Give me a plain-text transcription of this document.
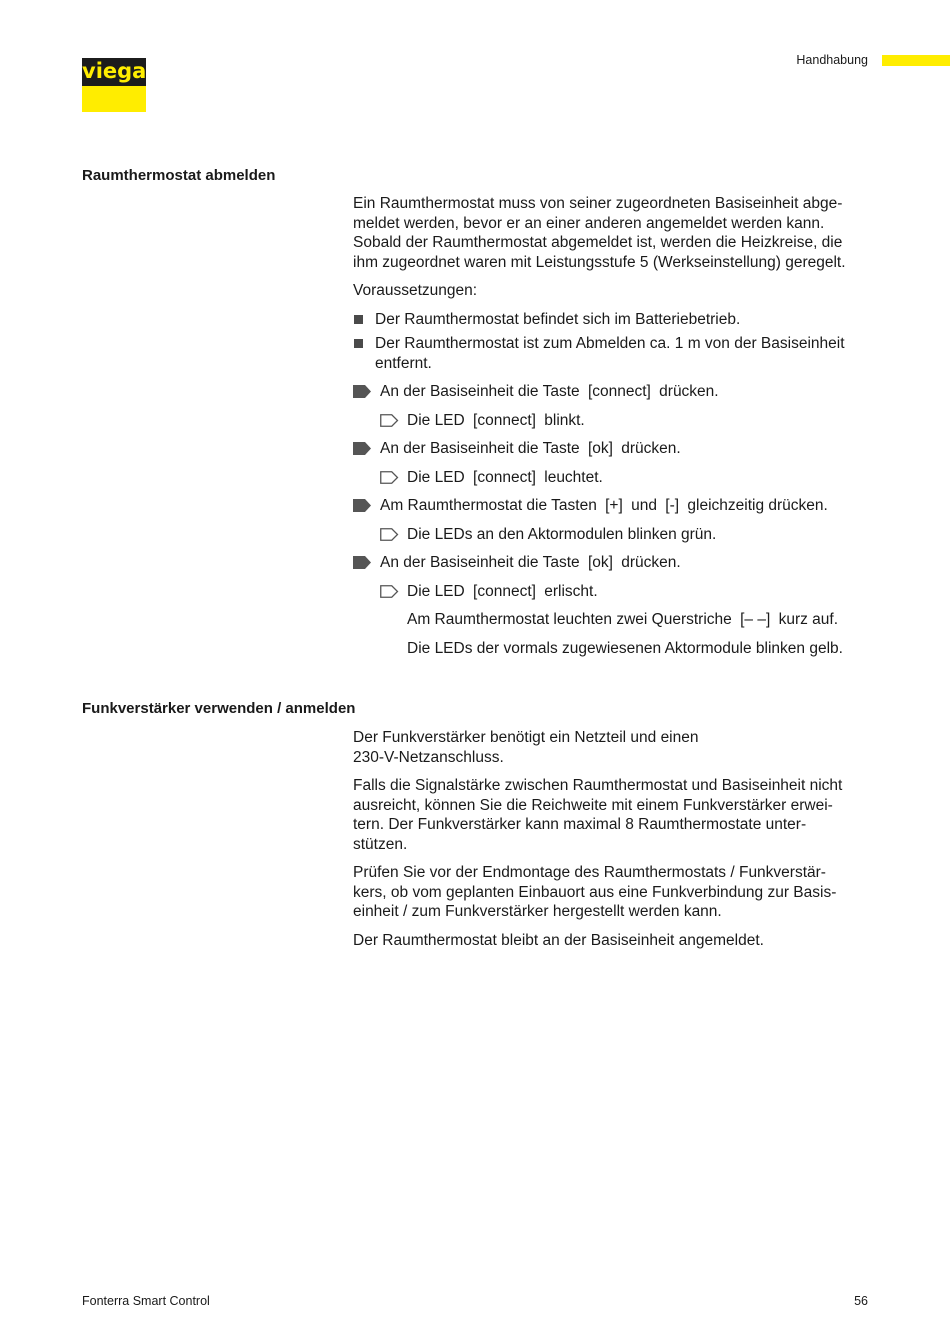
viega	Handhabung
Raumthermostat abmelden

Ein Raumthermostat muss von seiner zugeordneten Basiseinheit abge-
meldet werden, bevor er an einer anderen angemeldet werden kann.
Sobald der Raumthermostat abgemeldet ist, werden die Heizkreise, die
ihm zugeordnet waren mit Leistungsstufe 5 (Werkseinstellung) geregelt.

Voraussetzungen:

Der Raumthermostat befindet sich im Batteriebetrieb.
Der Raumthermostat ist zum Abmelden ca. 1 m von der Basiseinheit
entfernt.
An der Basiseinheit die Taste [connect] drücken.
Die LED [connect] blinkt.
An der Basiseinheit die Taste [ok] drücken.
Die LED [connect] leuchtet.
Am Raumthermostat die Tasten [+] und [-] gleichzeitig drücken.
Die LEDs an den Aktormodulen blinken grün.
An der Basiseinheit die Taste [ok] drücken.
Die LED [connect] erlischt.
Am Raumthermostat leuchten zwei Querstriche [– –] kurz auf.
Die LEDs der vormals zugewiesenen Aktormodule blinken gelb.
Funkverstärker verwenden / anmelden

Der Funkverstärker benötigt ein Netzteil und einen
230-V-Netzanschluss.

Falls die Signalstärke zwischen Raumthermostat und Basiseinheit nicht
ausreicht, können Sie die Reichweite mit einem Funkverstärker erwei-
tern. Der Funkverstärker kann maximal 8 Raumthermostate unter-
stützen.

Prüfen Sie vor der Endmontage des Raumthermostats / Funkverstär-
kers, ob vom geplanten Einbauort aus eine Funkverbindung zur Basis-
einheit / zum Funkverstärker hergestellt werden kann.

Der Raumthermostat bleibt an der Basiseinheit angemeldet.

Fonterra Smart Control	56
